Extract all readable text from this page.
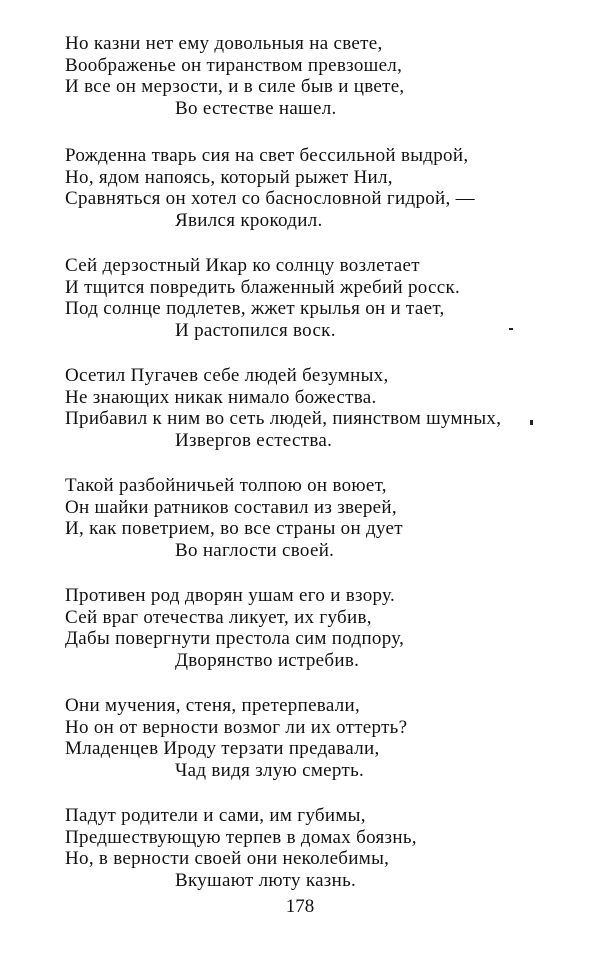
Но казни нет ему довольныя на свете,
Воображенье он тиранством превзошел,
И все он мерзости, и в силе быв и цвете,
Во естестве нашел.
Рожденна тварь сия на свет бессильной выдрой,
Но, ядом напоясь, который рыжет Нил,
Сравняться он хотел со баснословной гидрой, —
Явился крокодил.
Сей дерзостный Икар ко солнцу возлетает
И тщится повредить блаженный жребий росск.
Под солнце подлетев, жжет крылья он и тает,
И растопился воск.
Осетил Пугачев себе людей безумных,
Не знающих никак нимало божества.
Прибавил к ним во сеть людей, пиянством шумных,
Извергов естества.
Такой разбойничьей толпою он воюет,
Он шайки ратников составил из зверей,
И, как поветрием, во все страны он дует
Во наглости своей.
Противен род дворян ушам его и взору.
Сей враг отечества ликует, их губив,
Дабы повергнути престола сим подпору,
Дворянство истребив.
Они мучения, стеня, претерпевали,
Но он от верности возмог ли их оттерть?
Младенцев Ироду терзати предавали,
Чад видя злую смерть.
Падут родители и сами, им губимы,
Предшествующую терпев в домах боязнь,
Но, в верности своей они неколебимы,
Вкушают люту казнь.
178
